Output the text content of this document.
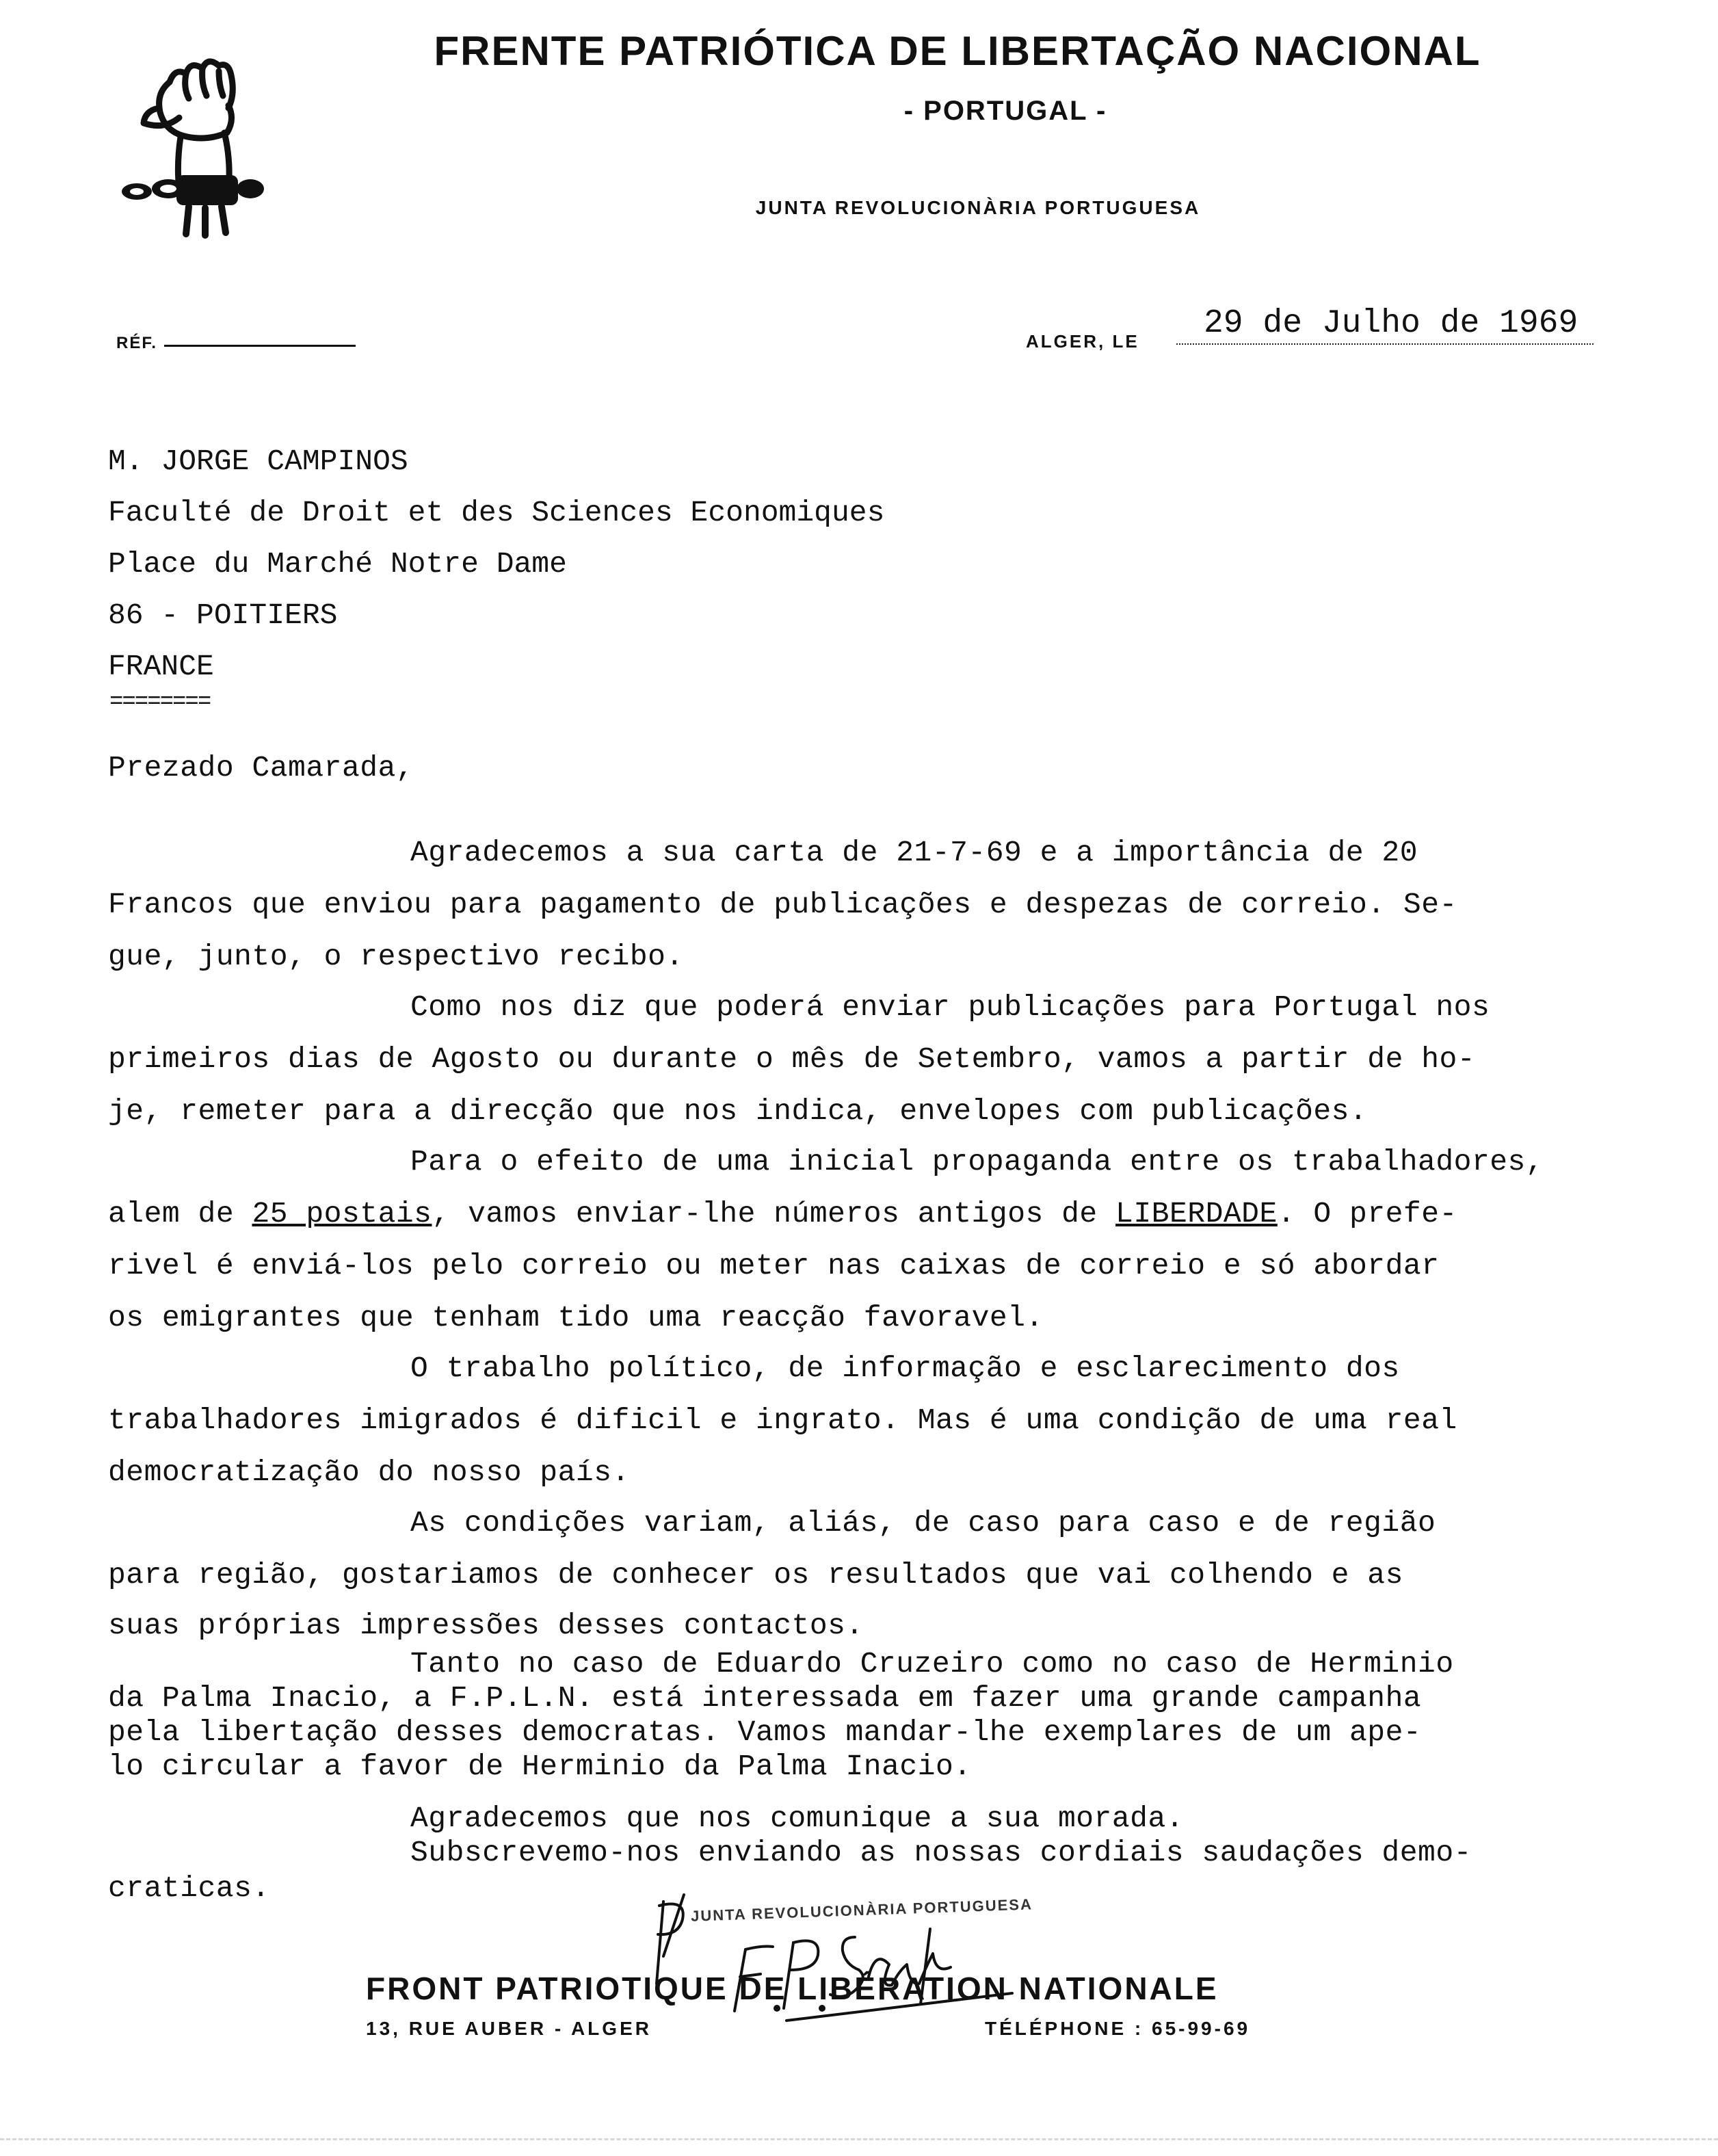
FRENTE PATRIÓTICA DE LIBERTAÇÃO NACIONAL
- PORTUGAL -
JUNTA REVOLUCIONÀRIA PORTUGUESA
RÉF.	ALGER, LE 29 de Julho de 1969
M. JORGE CAMPINOS
Faculté de Droit et des Sciences Economiques
Place du Marché Notre Dame
86 - POITIERS
FRANCE
========
Prezado Camarada,
Agradecemos a sua carta de 21-7-69 e a importância de 20
Francos que enviou para pagamento de publicações e despezas de correio. Se-
gue, junto, o respectivo recibo.
Como nos diz que poderá enviar publicações para Portugal nos
primeiros dias de Agosto ou durante o mês de Setembro, vamos a partir de ho-
je, remeter para a direcção que nos indica, envelopes com publicações.
Para o efeito de uma inicial propaganda entre os trabalhadores,
alem de 25 postais, vamos enviar-lhe números antigos de LIBERDADE. O prefe-
rivel é enviá-los pelo correio ou meter nas caixas de correio e só abordar
os emigrantes que tenham tido uma reacção favoravel.
O trabalho político, de informação e esclarecimento dos
trabalhadores imigrados é dificil e ingrato. Mas é uma condição de uma real
democratização do nosso país.
As condições variam, aliás, de caso para caso e de região
para região, gostariamos de conhecer os resultados que vai colhendo e as
suas próprias impressões desses contactos.
Tanto no caso de Eduardo Cruzeiro como no caso de Herminio
da Palma Inacio, a F.P.L.N. está interessada em fazer uma grande campanha
pela libertação desses democratas. Vamos mandar-lhe exemplares de um ape-
lo circular a favor de Herminio da Palma Inacio.
Agradecemos que nos comunique a sua morada.
Subscrevemo-nos enviando as nossas cordiais saudações demo-
craticas.
JUNTA REVOLUCIONÀRIA PORTUGUESA
FRONT PATRIOTIQUE DE LIBÉRATION NATIONALE
13, RUE AUBER - ALGER	TÉLÉPHONE : 65-99-69
